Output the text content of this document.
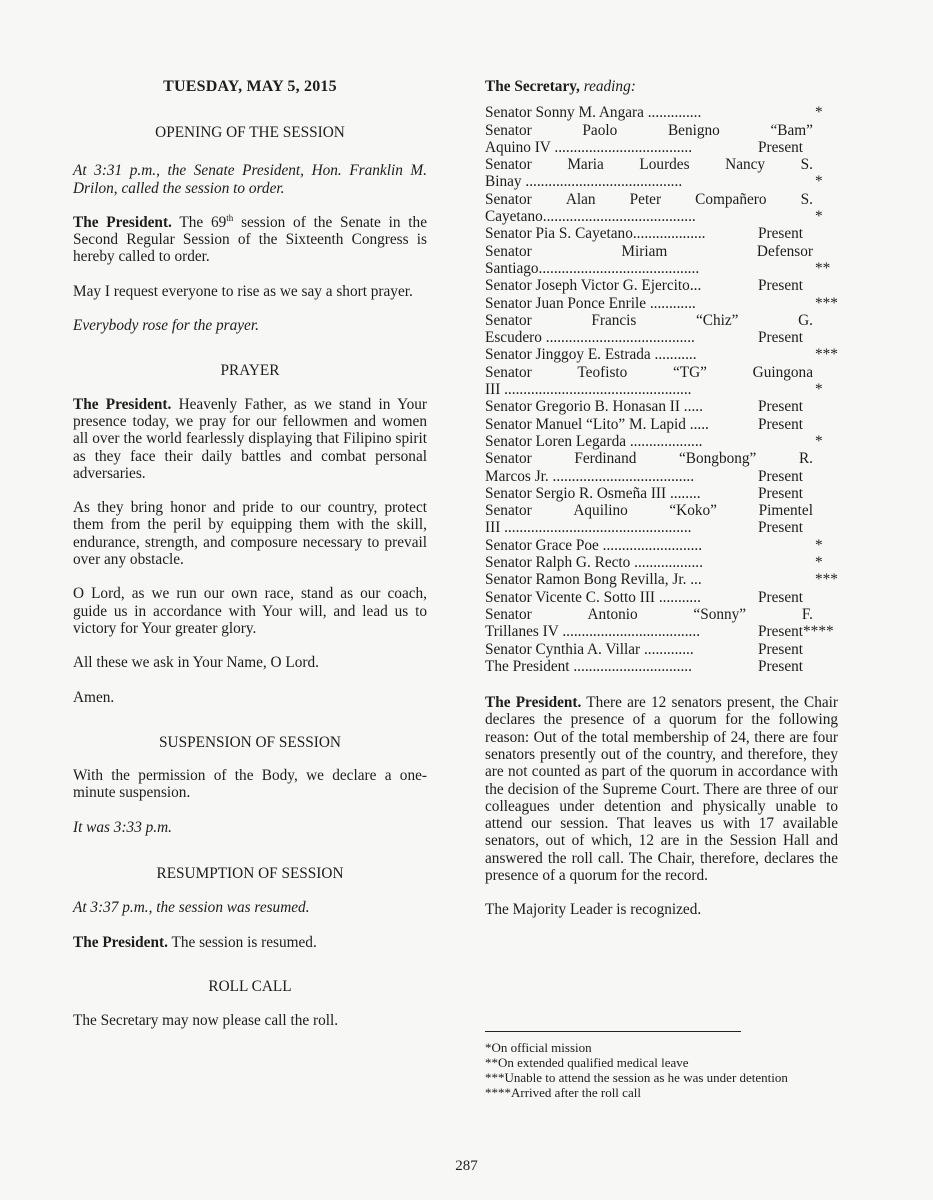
TUESDAY, MAY 5, 2015
OPENING OF THE SESSION

At 3:31 p.m., the Senate President, Hon. Franklin M. Drilon, called the session to order.

The President. The 69th session of the Senate in the Second Regular Session of the Sixteenth Congress is hereby called to order.

May I request everyone to rise as we say a short prayer.

Everybody rose for the prayer.

PRAYER

The President. Heavenly Father, as we stand in Your presence today, we pray for our fellowmen and women all over the world fearlessly displaying that Filipino spirit as they face their daily battles and combat personal adversaries.

As they bring honor and pride to our country, protect them from the peril by equipping them with the skill, endurance, strength, and composure necessary to prevail over any obstacle.

O Lord, as we run our own race, stand as our coach, guide us in accordance with Your will, and lead us to victory for Your greater glory.

All these we ask in Your Name, O Lord.

Amen.

SUSPENSION OF SESSION

With the permission of the Body, we declare a one-minute suspension.

It was 3:33 p.m.

RESUMPTION OF SESSION

At 3:37 p.m., the session was resumed.

The President. The session is resumed.

ROLL CALL

The Secretary may now please call the roll.

The Secretary, reading:
Senator Sonny M. Angara ..............	*
Senator	Paolo	Benigno	“Bam”
Aquino IV ....................................	Present
Senator Maria Lourdes Nancy S.
Binay .........................................	*
Senator Alan Peter Compañero S.
Cayetano........................................	*
Senator Pia S. Cayetano...................	Present
Senator	Miriam	Defensor
Santiago..........................................	**
Senator Joseph Victor G. Ejercito...	Present
Senator Juan Ponce Enrile ............	***
Senator	Francis	“Chiz”	G.
Escudero .......................................	Present
Senator Jinggoy E. Estrada ...........	***
Senator	Teofisto	“TG”	Guingona
III .................................................	*
Senator Gregorio B. Honasan II .....	Present
Senator Manuel “Lito” M. Lapid .....	Present
Senator Loren Legarda ...................	*
Senator	Ferdinand	“Bongbong”	R.
Marcos Jr. .....................................	Present
Senator Sergio R. Osmeña III ........	Present
Senator	Aquilino	“Koko”	Pimentel
III .................................................	Present
Senator Grace Poe ..........................	*
Senator Ralph G. Recto ..................	*
Senator Ramon Bong Revilla, Jr. ...	***
Senator Vicente C. Sotto III ...........	Present
Senator	Antonio	“Sonny”	F.
Trillanes IV ....................................	Present****
Senator Cynthia A. Villar .............	Present
The President ...............................	Present

The President. There are 12 senators present, the Chair declares the presence of a quorum for the following reason: Out of the total membership of 24, there are four senators presently out of the country, and therefore, they are not counted as part of the quorum in accordance with the decision of the Supreme Court. There are three of our colleagues under detention and physically unable to attend our session. That leaves us with 17 available senators, out of which, 12 are in the Session Hall and answered the roll call. The Chair, therefore, declares the presence of a quorum for the record.

The Majority Leader is recognized.

*On official mission
**On extended qualified medical leave
***Unable to attend the session as he was under detention
****Arrived after the roll call
287
